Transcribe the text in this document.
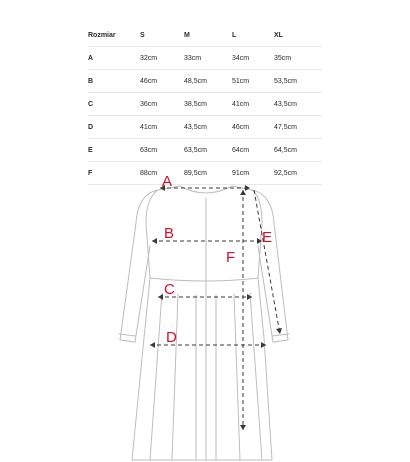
Rozmiar	S	M	L	XL
A	32cm	33cm	34cm	35cm
B	46cm	48,5cm	51cm	53,5cm
C	36cm	38,5cm	41cm	43,5cm
D	41cm	43,5cm	46cm	47,5cm
E	63cm	63,5cm	64cm	64,5cm
F	88cm	89,5cm	91cm	92,5cm
A
B
C
D
E
F
